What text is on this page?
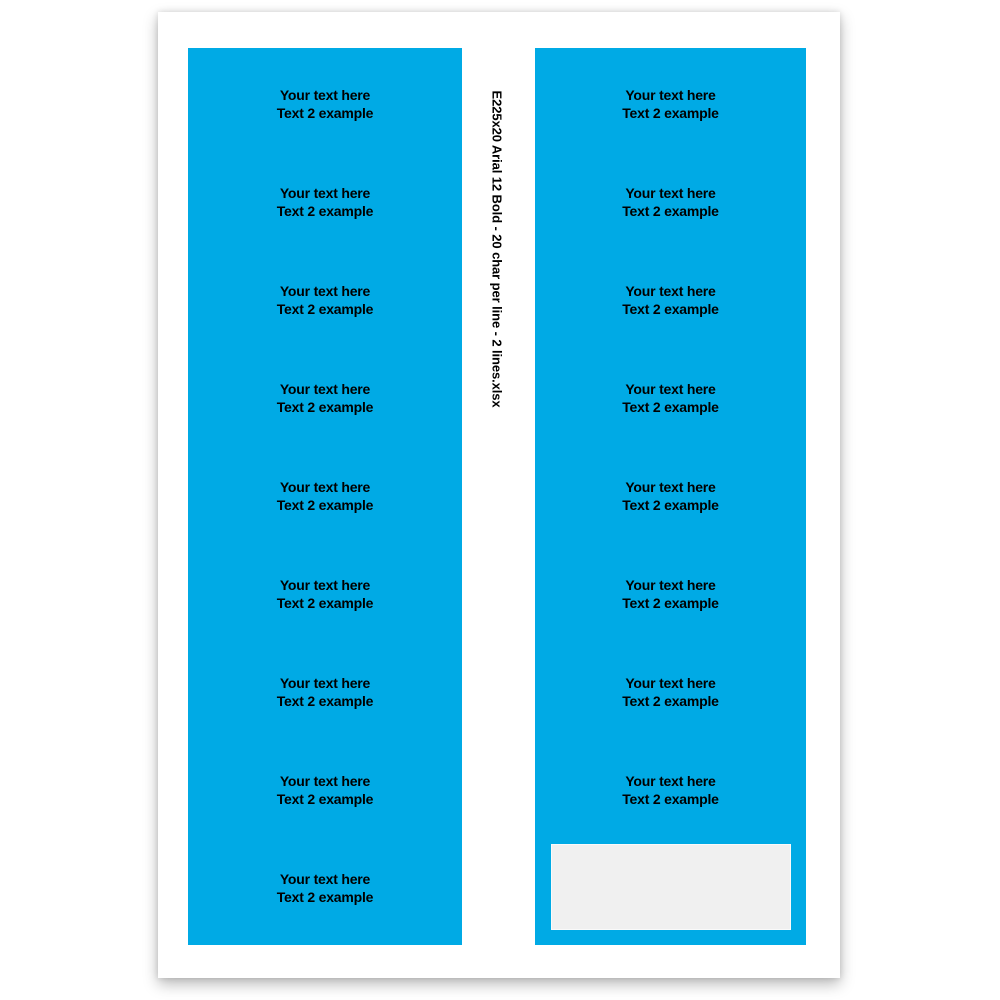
Your text here
Text 2 example
Your text here
Text 2 example
Your text here
Text 2 example
Your text here
Text 2 example
Your text here
Text 2 example
Your text here
Text 2 example
Your text here
Text 2 example
Your text here
Text 2 example
Your text here
Text 2 example
E225x20 Arial 12 Bold - 20 char per line - 2 lines.xlsx	Your text here
Text 2 example
Your text here
Text 2 example
Your text here
Text 2 example
Your text here
Text 2 example
Your text here
Text 2 example
Your text here
Text 2 example
Your text here
Text 2 example
Your text here
Text 2 example
